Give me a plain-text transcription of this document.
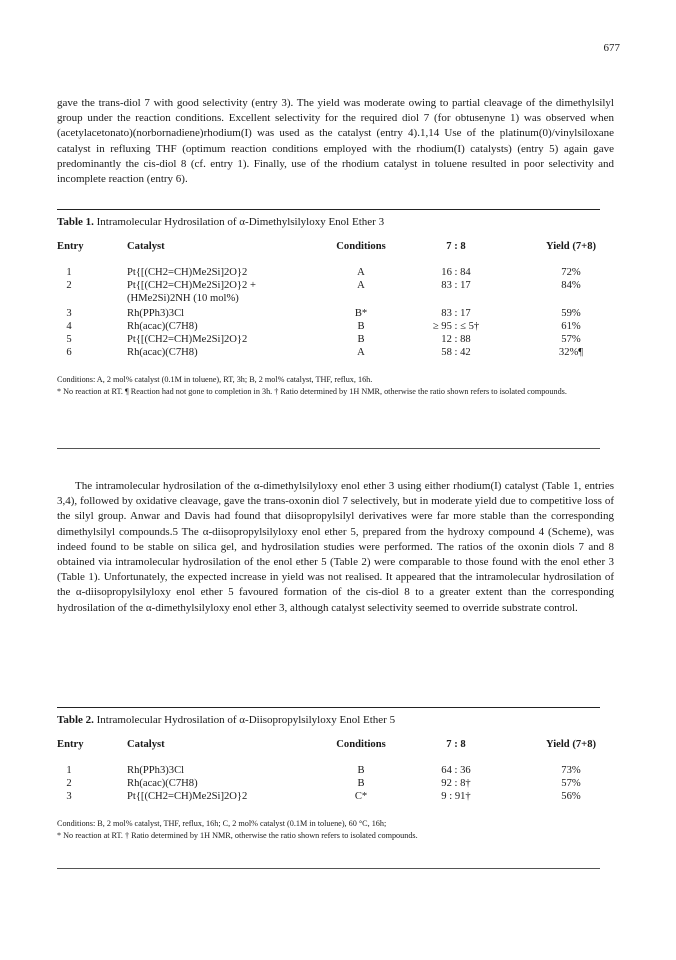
677

gave the trans-diol 7 with good selectivity (entry 3). The yield was moderate owing to partial cleavage of the dimethylsilyl group under the reaction conditions. Excellent selectivity for the required diol 7 (for obtusenyne 1) was observed when (acetylacetonato)(norbornadiene)rhodium(I) was used as the catalyst (entry 4).1,14 Use of the platinum(0)/vinylsiloxane catalyst in refluxing THF (optimum reaction conditions employed with the rhodium(I) catalysts) (entry 5) again gave predominantly the cis-diol 8 (cf. entry 1). Finally, use of the rhodium catalyst in toluene resulted in poor selectivity and incomplete reaction (entry 6).

Table 1. Intramolecular Hydrosilation of α-Dimethylsilyloxy Enol Ether 3

Entry	Catalyst	Conditions	7 : 8	Yield (7+8)
1	Pt{[(CH2=CH)Me2Si]2O}2	A	16 : 84	72%
2	Pt{[(CH2=CH)Me2Si]2O}2 +	A	83 : 17	84%
(HMe2Si)2NH (10 mol%)
3	Rh(PPh3)3Cl	B*	83 : 17	59%
4	Rh(acac)(C7H8)	B	≥ 95 : ≤ 5†	61%
5	Pt{[(CH2=CH)Me2Si]2O}2	B	12 : 88	57%
6	Rh(acac)(C7H8)	A	58 : 42	32%¶
Conditions: A, 2 mol% catalyst (0.1M in toluene), RT, 3h; B, 2 mol% catalyst, THF, reflux, 16h.
* No reaction at RT. ¶ Reaction had not gone to completion in 3h. † Ratio determined by 1H NMR, otherwise the ratio shown refers to isolated compounds.

The intramolecular hydrosilation of the α-dimethylsilyloxy enol ether 3 using either rhodium(I) catalyst (Table 1, entries 3,4), followed by oxidative cleavage, gave the trans-oxonin diol 7 selectively, but in moderate yield due to competitive loss of the silyl group. Anwar and Davis had found that diisopropylsilyl derivatives were far more stable than the corresponding dimethylsilyl compounds.5 The α-diisopropylsilyloxy enol ether 5, prepared from the hydroxy compound 4 (Scheme), was indeed found to be stable on silica gel, and hydrosilation studies were performed. The ratios of the oxonin diols 7 and 8 obtained via intramolecular hydrosilation of the enol ether 5 (Table 2) were comparable to those found with the enol ether 3 (Table 1). Unfortunately, the expected increase in yield was not realised. It appeared that the intramolecular hydrosilation of the α-diisopropylsilyloxy enol ether 5 favoured formation of the cis-diol 8 to a greater extent than the corresponding hydrosilation of the α-dimethylsilyloxy enol ether 3, although catalyst selectivity seemed to override substrate control.

Table 2. Intramolecular Hydrosilation of α-Diisopropylsilyloxy Enol Ether 5

Entry	Catalyst	Conditions	7 : 8	Yield (7+8)
1	Rh(PPh3)3Cl	B	64 : 36	73%
2	Rh(acac)(C7H8)	B	92 : 8†	57%
3	Pt{[(CH2=CH)Me2Si]2O}2	C*	9 : 91†	56%
Conditions: B, 2 mol% catalyst, THF, reflux, 16h; C, 2 mol% catalyst (0.1M in toluene), 60 °C, 16h;
* No reaction at RT. † Ratio determined by 1H NMR, otherwise the ratio shown refers to isolated compounds.
